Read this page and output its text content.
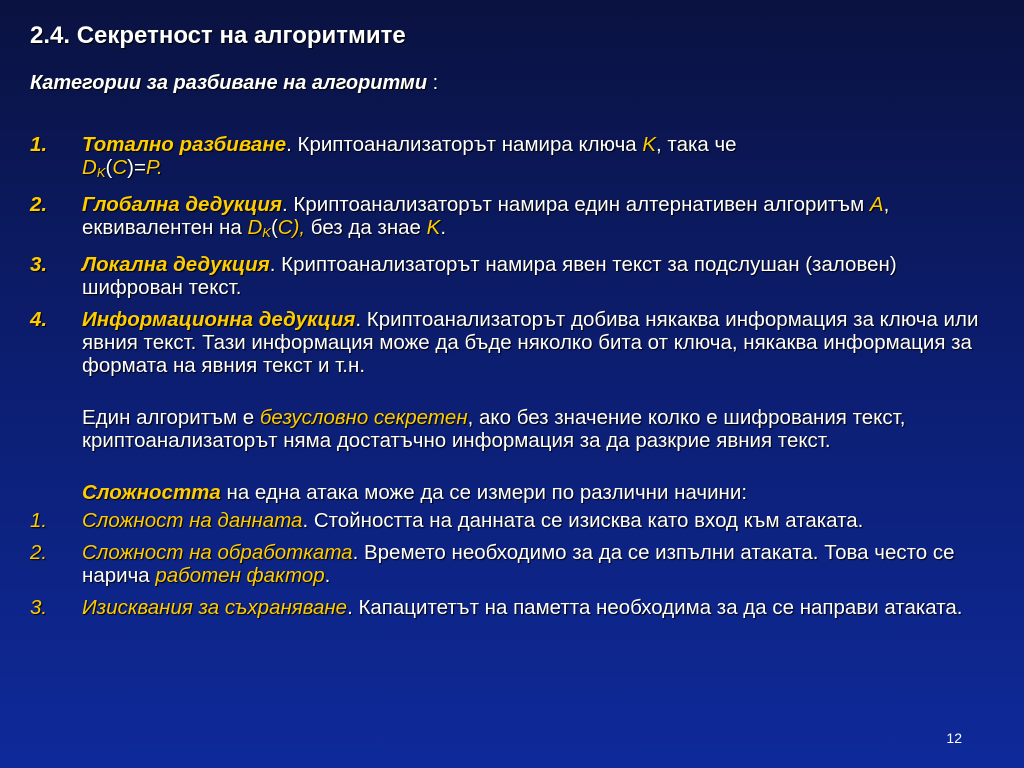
2.4. Секретност на алгоритмите
Категории за разбиване на алгоритми :
1.	Тотално разбиване. Криптоанализаторът намира ключа K, така че
$D_K(C)=P$.
2.	Глобална дедукция. Криптоанализаторът намира един алтернативен алгоритъм A, еквивалентен на $D_K(C)$, без да знае K.
3.	Локална дедукция. Криптоанализаторът намира явен текст за подслушан (заловен) шифрован текст.
4.	Информационна дедукция. Криптоанализаторът добива някаква информация за ключа или явния текст. Тази информация може да бъде няколко бита от ключа, някаква информация за формата на явния текст и т.н.
Един алгоритъм е безусловно секретен, ако без значение колко е шифрования текст, криптоанализаторът няма достатъчно информация за да разкрие явния текст.
Сложността на една атака може да се измери по различни начини:
1.	Сложност на данната. Стойността на данната се изисква като вход към атаката.
2.	Сложност на обработката. Времето необходимо за да се изпълни атаката. Това често се нарича работен фактор.
3.	Изисквания за съхраняване. Капацитетът на паметта необходима за да се направи атаката.
12
